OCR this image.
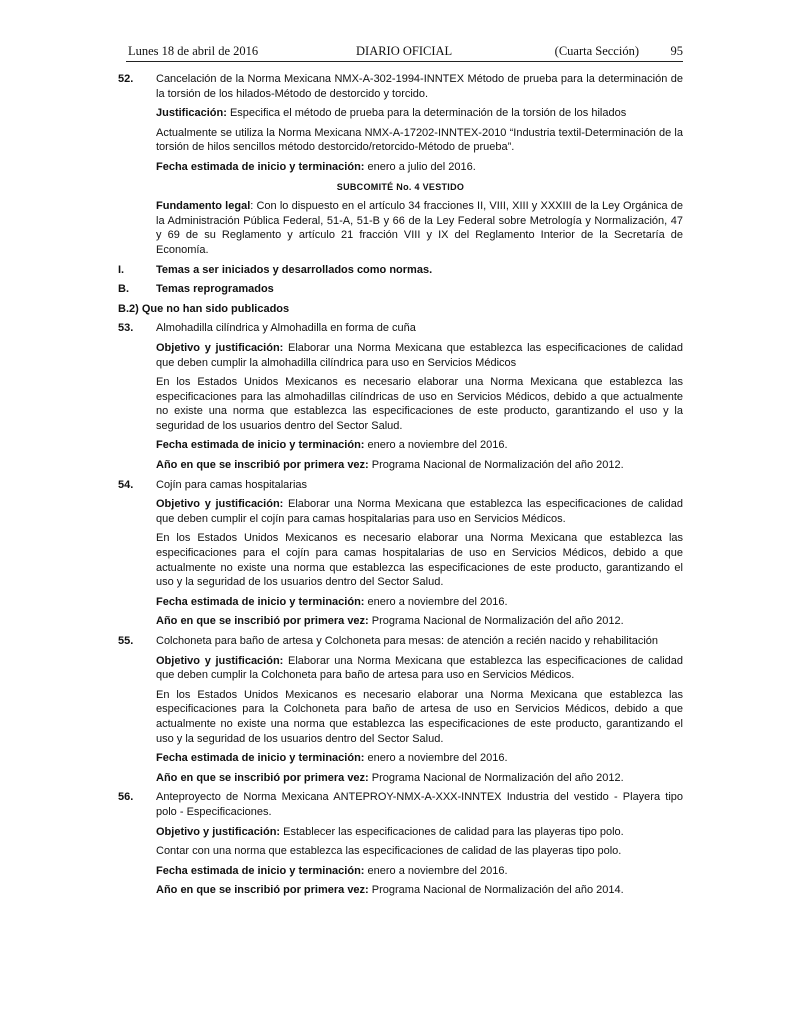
Lunes 18 de abril de 2016	DIARIO OFICIAL	(Cuarta Sección)	95
52. Cancelación de la Norma Mexicana NMX-A-302-1994-INNTEX Método de prueba para la determinación de la torsión de los hilados-Método de destorcido y torcido.

Justificación: Especifica el método de prueba para la determinación de la torsión de los hilados
Actualmente se utiliza la Norma Mexicana NMX-A-17202-INNTEX-2010 “Industria textil-Determinación de la torsión de hilos sencillos método destorcido/retorcido-Método de prueba”.
Fecha estimada de inicio y terminación: enero a julio del 2016.
SUBCOMITÉ No. 4 VESTIDO
Fundamento legal: Con lo dispuesto en el artículo 34 fracciones II, VIII, XIII y XXXIII de la Ley Orgánica de la Administración Pública Federal, 51-A, 51-B y 66 de la Ley Federal sobre Metrología y Normalización, 47 y 69 de su Reglamento y artículo 21 fracción VIII y IX del Reglamento Interior de la Secretaría de Economía.
I.	Temas a ser iniciados y desarrollados como normas.

B. Temas reprogramados

B.2) Que no han sido publicados
53. Almohadilla cilíndrica y Almohadilla en forma de cuña

Objetivo y justificación: Elaborar una Norma Mexicana que establezca las especificaciones de calidad que deben cumplir la almohadilla cilíndrica para uso en Servicios Médicos
En los Estados Unidos Mexicanos es necesario elaborar una Norma Mexicana que establezca las especificaciones para las almohadillas cilíndricas de uso en Servicios Médicos, debido a que actualmente no existe una norma que establezca las especificaciones de este producto, garantizando el uso y la seguridad de los usuarios dentro del Sector Salud.
Fecha estimada de inicio y terminación: enero a noviembre del 2016.
Año en que se inscribió por primera vez: Programa Nacional de Normalización del año 2012.
54. Cojín para camas hospitalarias

Objetivo y justificación: Elaborar una Norma Mexicana que establezca las especificaciones de calidad que deben cumplir el cojín para camas hospitalarias para uso en Servicios Médicos.
En los Estados Unidos Mexicanos es necesario elaborar una Norma Mexicana que establezca las especificaciones para el cojín para camas hospitalarias de uso en Servicios Médicos, debido a que actualmente no existe una norma que establezca las especificaciones de este producto, garantizando el uso y la seguridad de los usuarios dentro del Sector Salud.
Fecha estimada de inicio y terminación: enero a noviembre del 2016.
Año en que se inscribió por primera vez: Programa Nacional de Normalización del año 2012.
55. Colchoneta para baño de artesa y Colchoneta para mesas: de atención a recién nacido y rehabilitación

Objetivo y justificación: Elaborar una Norma Mexicana que establezca las especificaciones de calidad que deben cumplir la Colchoneta para baño de artesa para uso en Servicios Médicos.
En los Estados Unidos Mexicanos es necesario elaborar una Norma Mexicana que establezca las especificaciones para la Colchoneta para baño de artesa de uso en Servicios Médicos, debido a que actualmente no existe una norma que establezca las especificaciones de este producto, garantizando el uso y la seguridad de los usuarios dentro del Sector Salud.
Fecha estimada de inicio y terminación: enero a noviembre del 2016.
Año en que se inscribió por primera vez: Programa Nacional de Normalización del año 2012.
56. Anteproyecto de Norma Mexicana ANTEPROY-NMX-A-XXX-INNTEX Industria del vestido - Playera tipo polo - Especificaciones.

Objetivo y justificación: Establecer las especificaciones de calidad para las playeras tipo polo.
Contar con una norma que establezca las especificaciones de calidad de las playeras tipo polo.
Fecha estimada de inicio y terminación: enero a noviembre del 2016.
Año en que se inscribió por primera vez: Programa Nacional de Normalización del año 2014.
